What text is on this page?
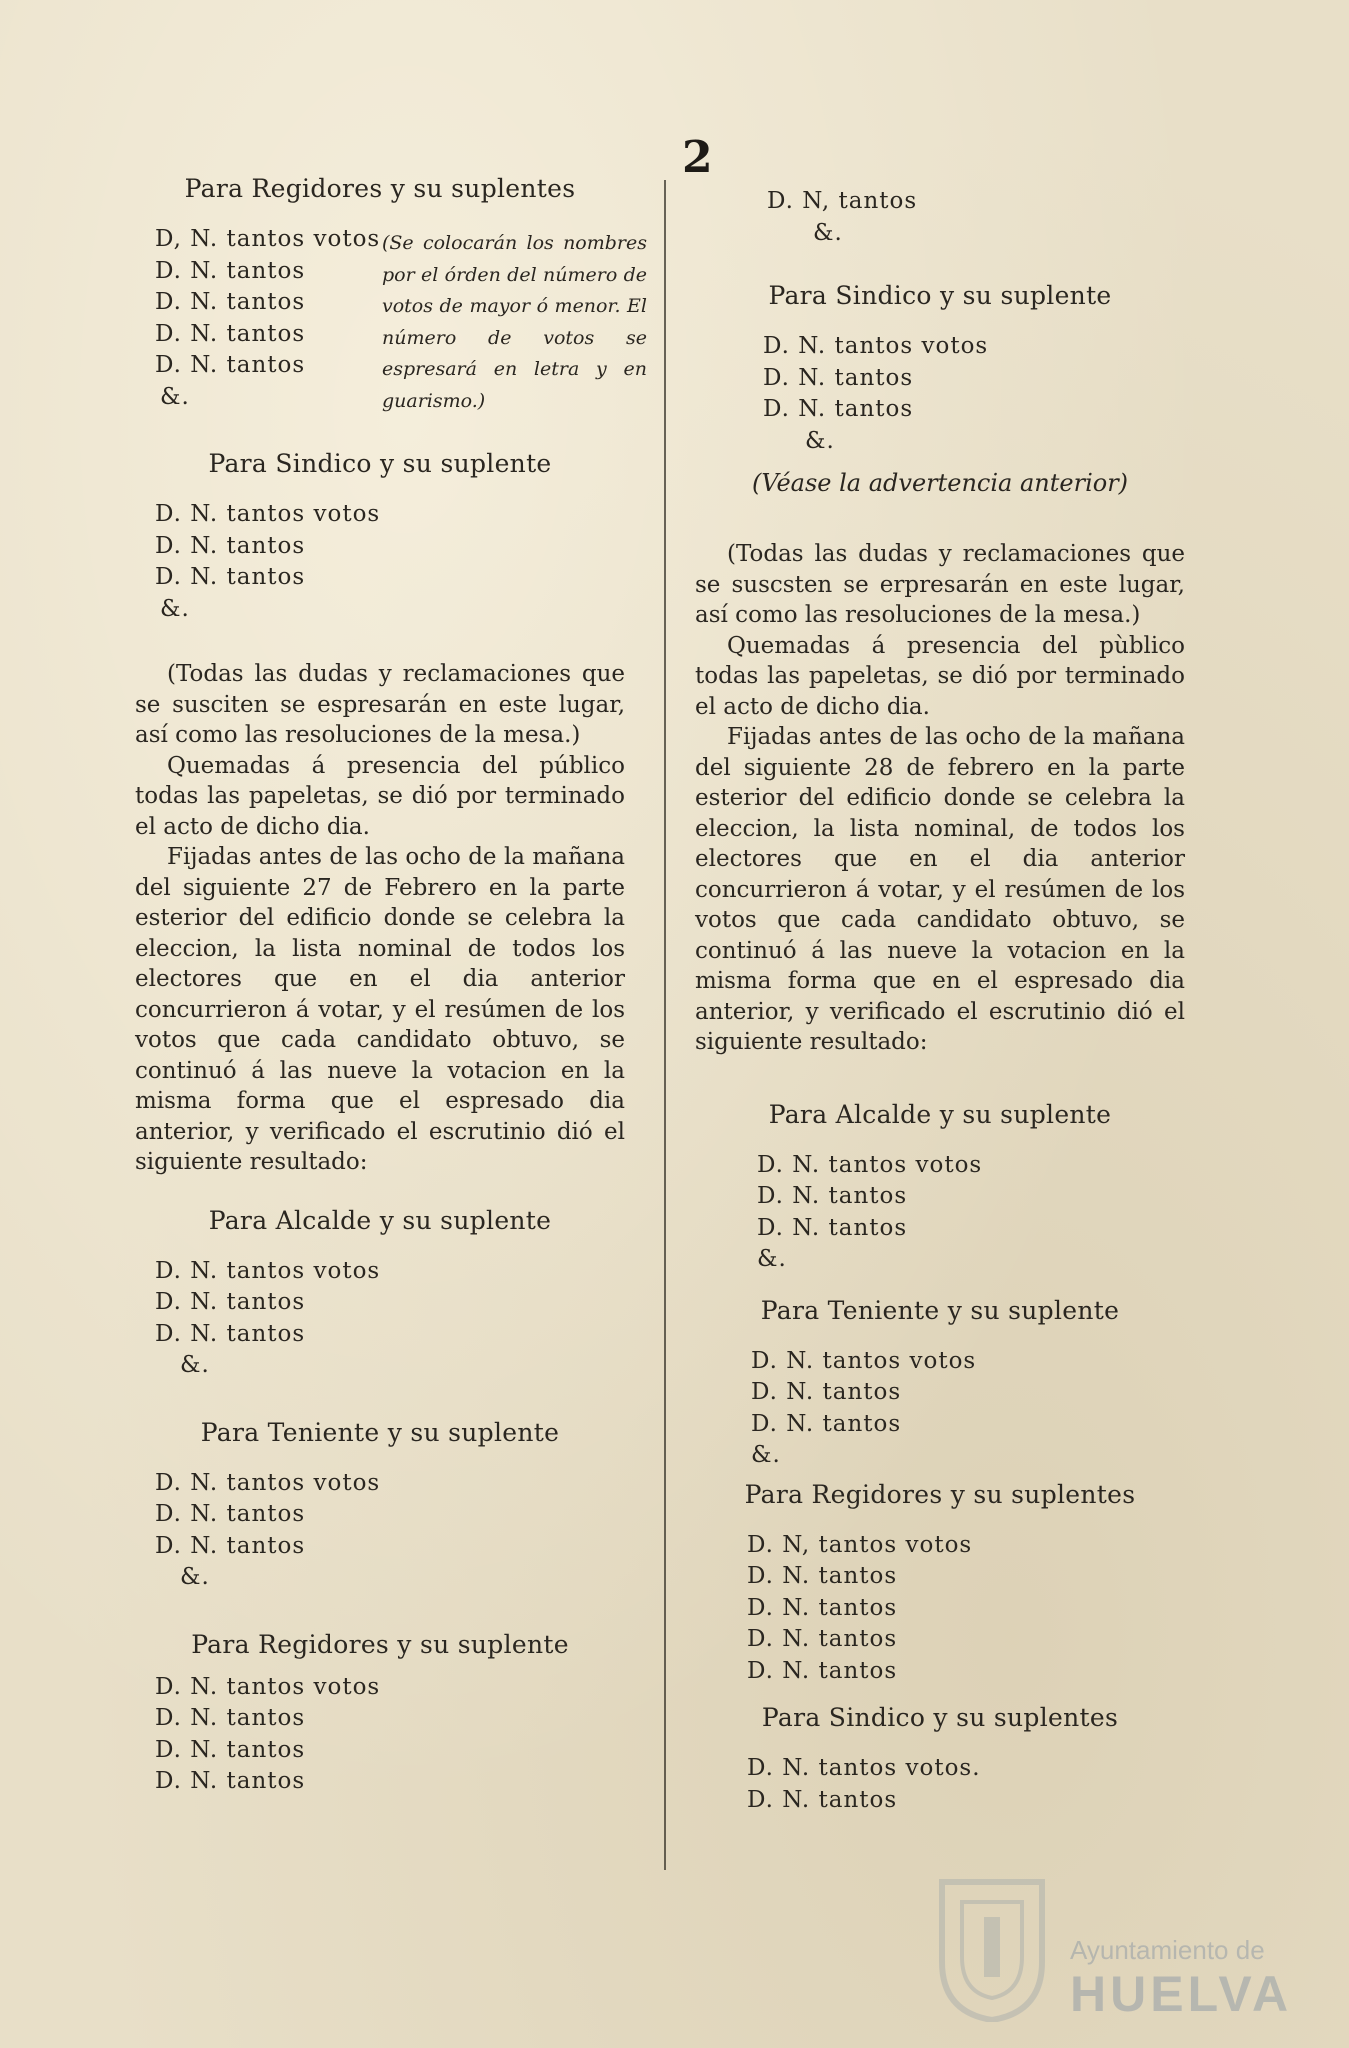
2
Para Regidores y su suplentes
D, N. tantos votos
D. N. tantos
D. N. tantos
D. N. tantos
D. N. tantos
&.
(Se colocarán los nombres por el órden del número de votos de mayor ó menor. El número de votos se espresará en letra y en guarismo.)
Para Sindico y su suplente
D. N. tantos votos
D. N. tantos
D. N. tantos
&.

(Todas las dudas y reclamaciones que se susciten se espresarán en este lugar, así como las resoluciones de la mesa.)

Quemadas á presencia del público todas las papeletas, se dió por terminado el acto de dicho dia.

Fijadas antes de las ocho de la mañana del siguiente 27 de Febrero en la parte esterior del edificio donde se celebra la eleccion, la lista nominal de todos los electores que en el dia anterior concurrieron á votar, y el resúmen de los votos que cada candidato obtuvo, se continuó á las nueve la votacion en la misma forma que el espresado dia anterior, y verificado el escrutinio dió el siguiente resultado:

Para Alcalde y su suplente
D. N. tantos votos
D. N. tantos
D. N. tantos
&.
Para Teniente y su suplente
D. N. tantos votos
D. N. tantos
D. N. tantos
&.
Para Regidores y su suplente
D. N. tantos votos
D. N. tantos
D. N. tantos
D. N. tantos
D. N, tantos
&.
Para Sindico y su suplente
D. N. tantos votos
D. N. tantos
D. N. tantos
&.
(Véase la advertencia anterior)

(Todas las dudas y reclamaciones que se suscsten se erpresarán en este lugar, así como las resoluciones de la mesa.)

Quemadas á presencia del pùblico todas las papeletas, se dió por terminado el acto de dicho dia.

Fijadas antes de las ocho de la mañana del siguiente 28 de febrero en la parte esterior del edificio donde se celebra la eleccion, la lista nominal, de todos los electores que en el dia anterior concurrieron á votar, y el resúmen de los votos que cada candidato obtuvo, se continuó á las nueve la votacion en la misma forma que en el espresado dia anterior, y verificado el escrutinio dió el siguiente resultado:

Para Alcalde y su suplente
D. N. tantos votos
D. N. tantos
D. N. tantos
&.
Para Teniente y su suplente
D. N. tantos votos
D. N. tantos
D. N. tantos
&.
Para Regidores y su suplentes
D. N, tantos votos
D. N. tantos
D. N. tantos
D. N. tantos
D. N. tantos
Para Sindico y su suplentes
D. N. tantos votos.
D. N. tantos
Ayuntamiento de
HUELVA
